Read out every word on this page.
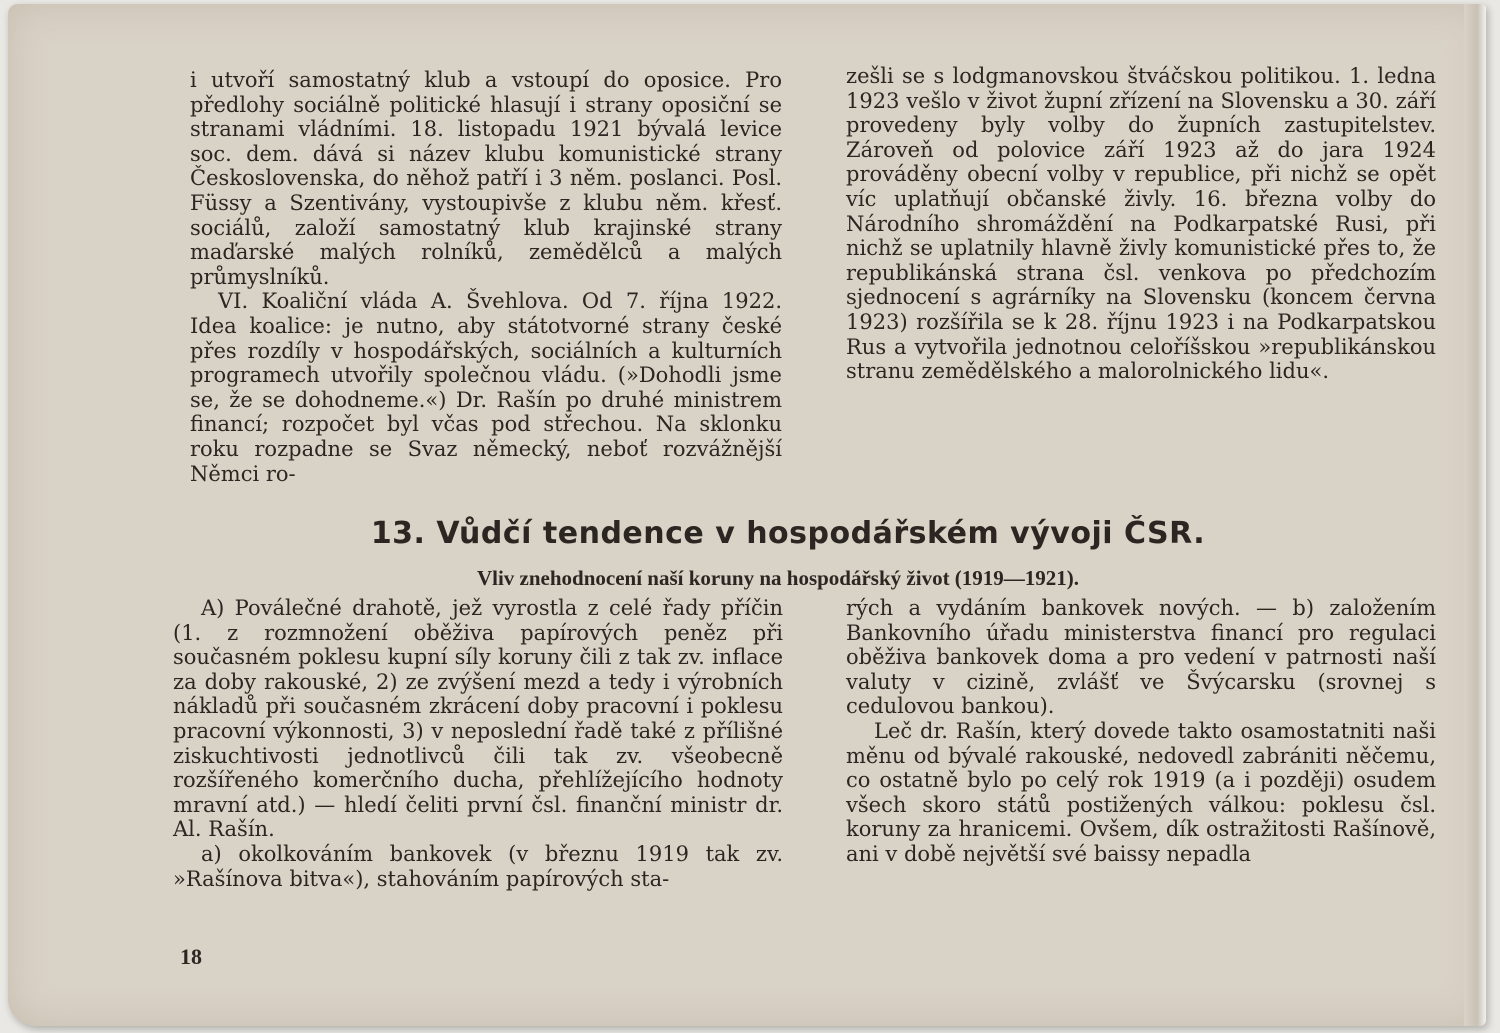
i utvoří samostatný klub a vstoupí do oposice. Pro předlohy sociálně politické hlasují i strany oposiční se stranami vládními. 18. listopadu 1921 bývalá levice soc. dem. dává si název klubu komunistické strany Československa, do něhož patří i 3 něm. poslanci. Posl. Füssy a Szentivány, vystoupivše z klubu něm. křesť. sociálů, založí samostatný klub krajinské strany maďarské malých rolníků, zemědělců a malých průmyslníků.

VI. Koaliční vláda A. Švehlova. Od 7. října 1922. Idea koalice: je nutno, aby státotvorné strany české přes rozdíly v hospodářských, sociálních a kulturních programech utvořily společnou vládu. (»Dohodli jsme se, že se dohodneme.«) Dr. Rašín po druhé ministrem financí; rozpočet byl včas pod střechou. Na sklonku roku rozpadne se Svaz německý, neboť rozvážnější Němci ro-

zešli se s lodgmanovskou štváčskou politikou. 1. ledna 1923 vešlo v život župní zřízení na Slovensku a 30. září provedeny byly volby do župních zastupitelstev. Zároveň od polovice září 1923 až do jara 1924 prováděny obecní volby v republice, při nichž se opět víc uplatňují občanské živly. 16. března volby do Národního shromáždění na Podkarpatské Rusi, při nichž se uplatnily hlavně živly komunistické přes to, že republikánská strana čsl. venkova po předchozím sjednocení s agrárníky na Slovensku (koncem června 1923) rozšířila se k 28. říjnu 1923 i na Podkarpatskou Rus a vytvořila jednotnou celoříšskou »republikánskou stranu zemědělského a malorolnického lidu«.

13. Vůdčí tendence v hospodářském vývoji ČSR.
Vliv znehodnocení naší koruny na hospodářský život (1919—1921).

A) Poválečné drahotě, jež vyrostla z celé řady příčin (1. z rozmnožení oběživa papírových peněz při současném poklesu kupní síly koruny čili z tak zv. inflace za doby rakouské, 2) ze zvýšení mezd a tedy i výrobních nákladů při současném zkrácení doby pracovní i poklesu pracovní výkonnosti, 3) v neposlední řadě také z přílišné ziskuchtivosti jednotlivců čili tak zv. všeobecně rozšířeného komerčního ducha, přehlížejícího hodnoty mravní atd.) — hledí čeliti první čsl. finanční ministr dr. Al. Rašín.

a) okolkováním bankovek (v březnu 1919 tak zv. »Rašínova bitva«), stahováním papírových sta-

rých a vydáním bankovek nových. — b) založením Bankovního úřadu ministerstva financí pro regulaci oběživa bankovek doma a pro vedení v patrnosti naší valuty v cizině, zvlášť ve Švýcarsku (srovnej s cedulovou bankou).

Leč dr. Rašín, který dovede takto osamostatniti naši měnu od bývalé rakouské, nedovedl zabrániti něčemu, co ostatně bylo po celý rok 1919 (a i později) osudem všech skoro států postižených válkou: poklesu čsl. koruny za hranicemi. Ovšem, dík ostražitosti Rašínově, ani v době největší své baissy nepadla

18
